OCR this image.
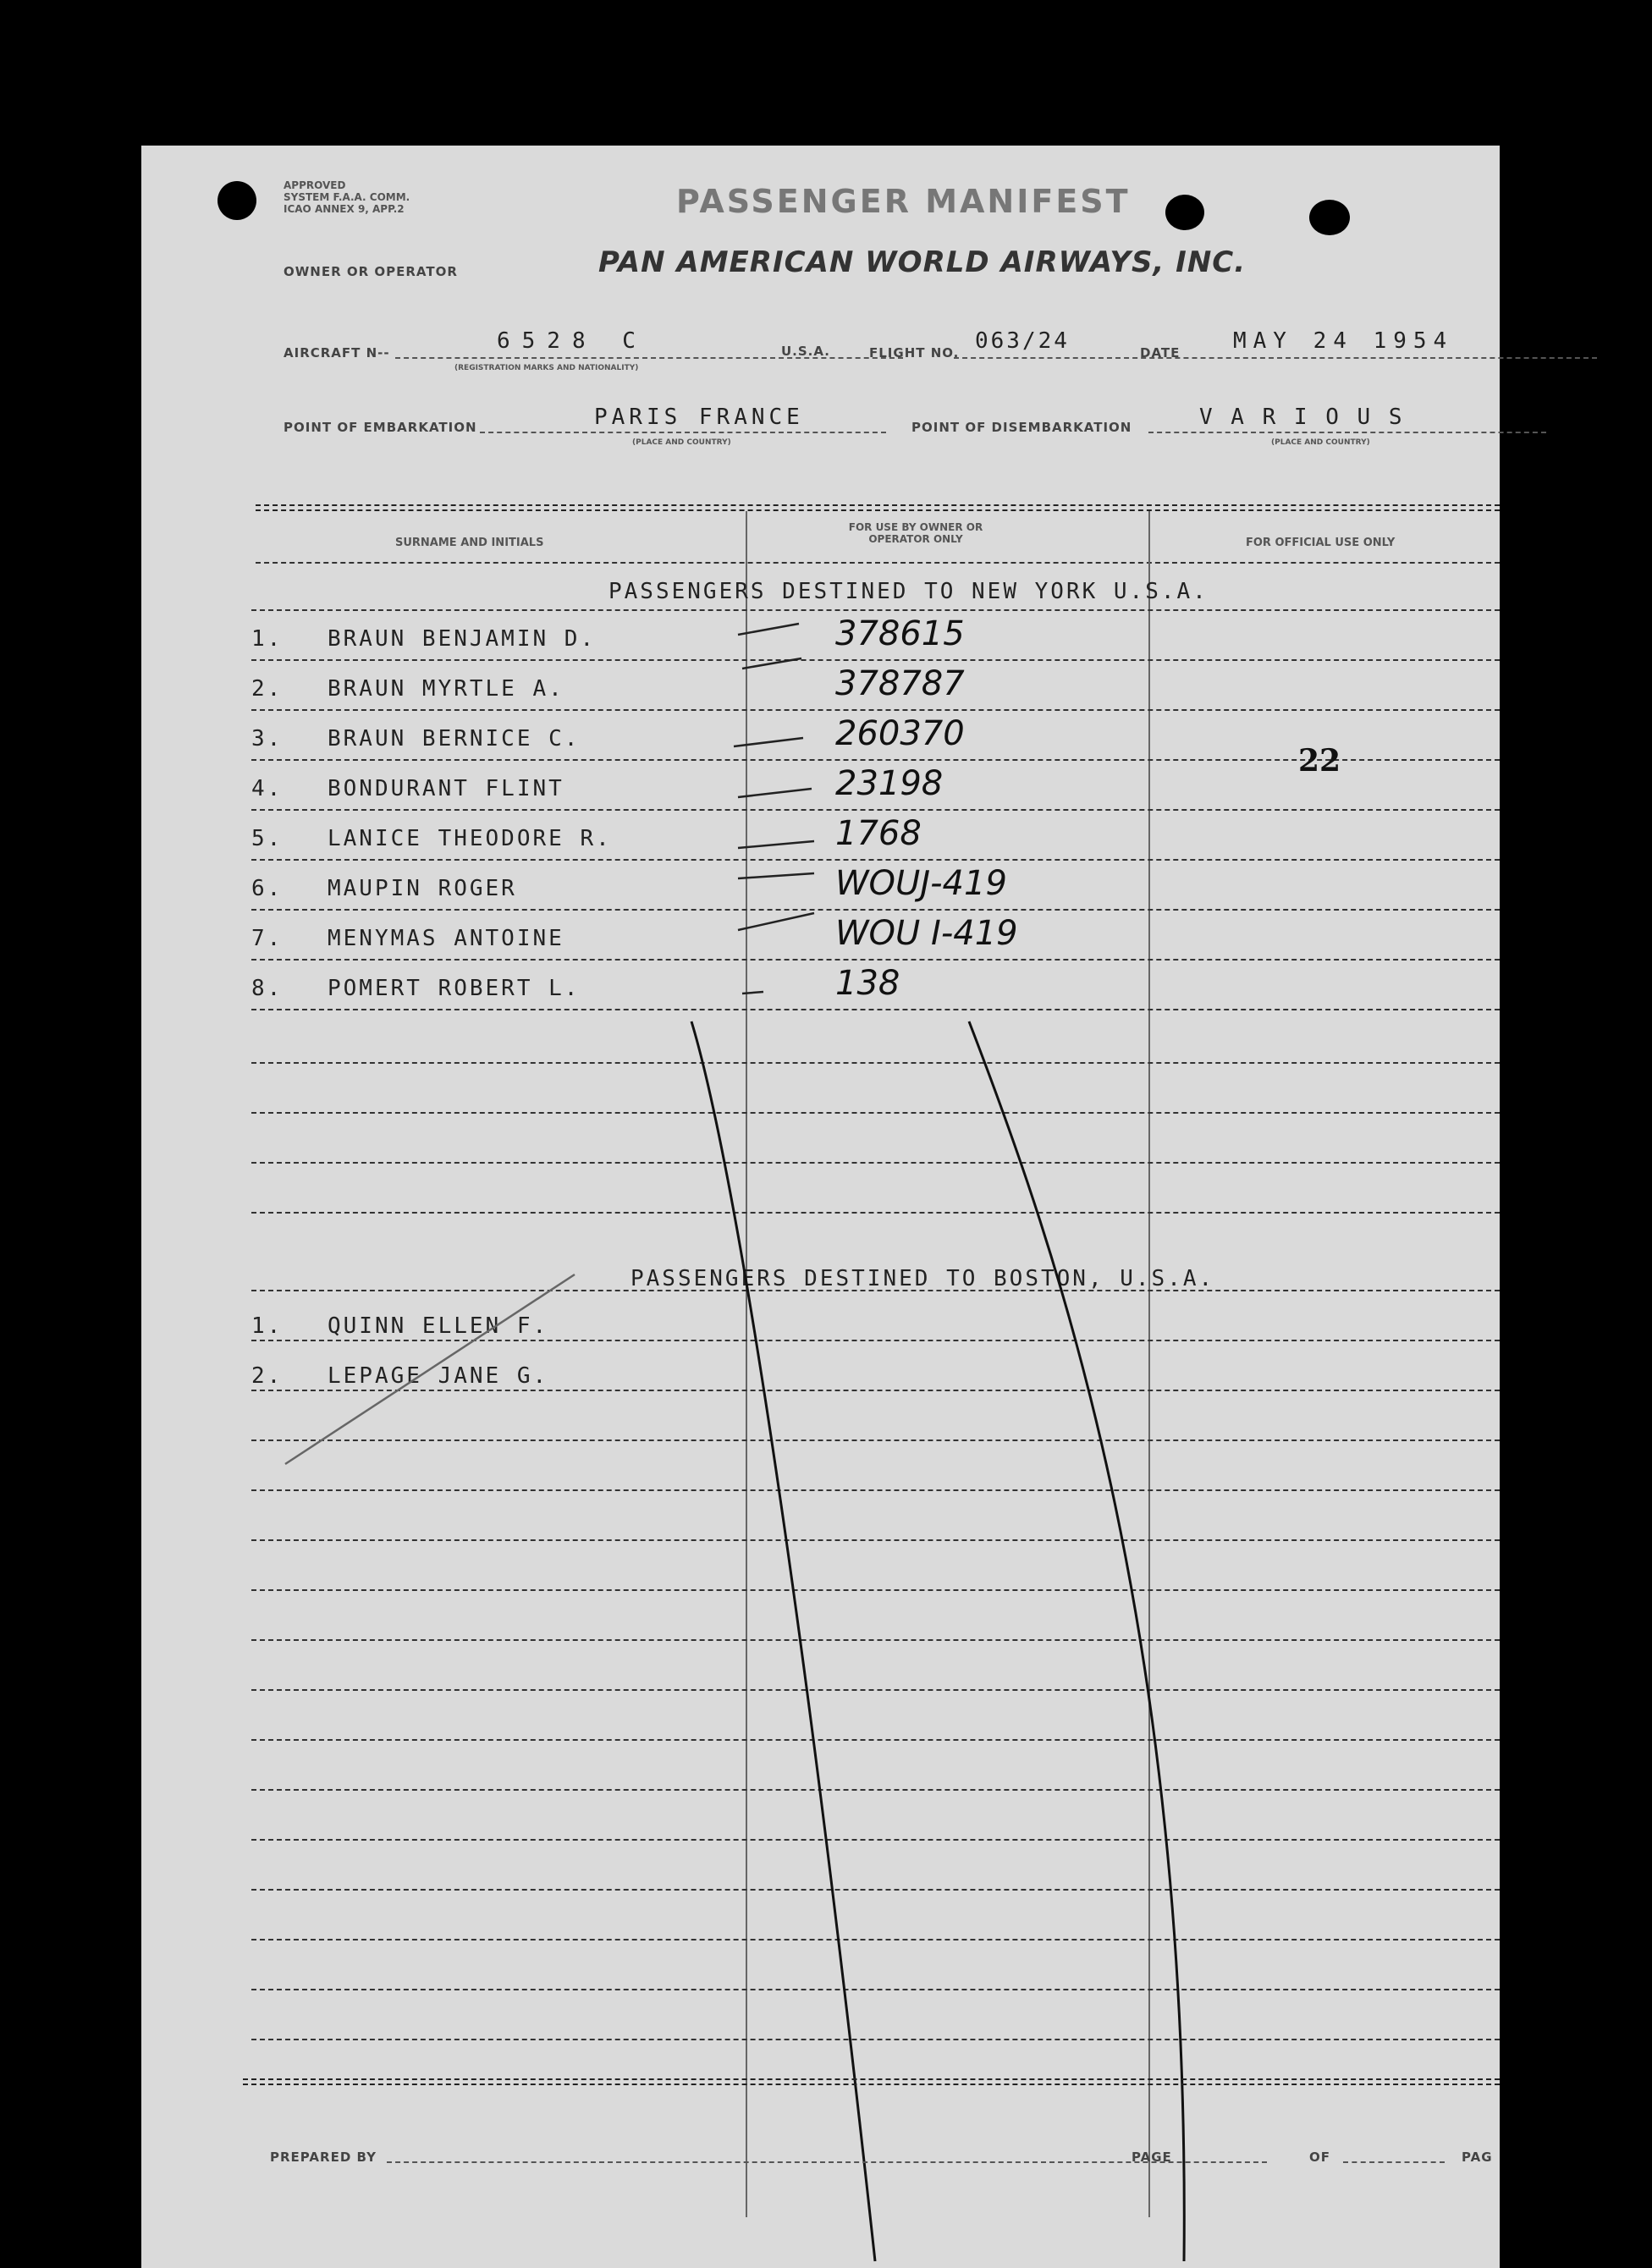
APPROVED
SYSTEM F.A.A. COMM.
ICAO ANNEX 9, APP.2	PASSENGER MANIFEST
OWNER OR OPERATOR	PAN AMERICAN WORLD AIRWAYS, INC.
AIRCRAFT N--	6528 C
(REGISTRATION MARKS AND NATIONALITY)
U.S.A.	FLIGHT NO. 063/24	DATE MAY 24 1954
POINT OF EMBARKATION	PARIS FRANCE
(PLACE AND COUNTRY)
POINT OF DISEMBARKATION	V A R I O U S
(PLACE AND COUNTRY)
SURNAME AND INITIALS
FOR USE BY OWNER OR OPERATOR ONLY	FOR OFFICIAL USE ONLY
PASSENGERS DESTINED TO NEW YORK U.S.A.
1. BRAUN BENJAMIN D.	378615
2. BRAUN MYRTLE A.	378787
3. BRAUN BERNICE C.	260370
4. BONDURANT FLINT	23198
5. LANICE THEODORE R.	1768
6. MAUPIN ROGER	WOUJ-419
7. MENYMAS ANTOINE	WOU I-419
8. POMERT ROBERT L.	138
PASSENGERS DESTINED TO BOSTON, U.S.A.
1. QUINN ELLEN F.
2. LEPAGE JANE G.
22
PREPARED BY	PAGE	OF	PAG
